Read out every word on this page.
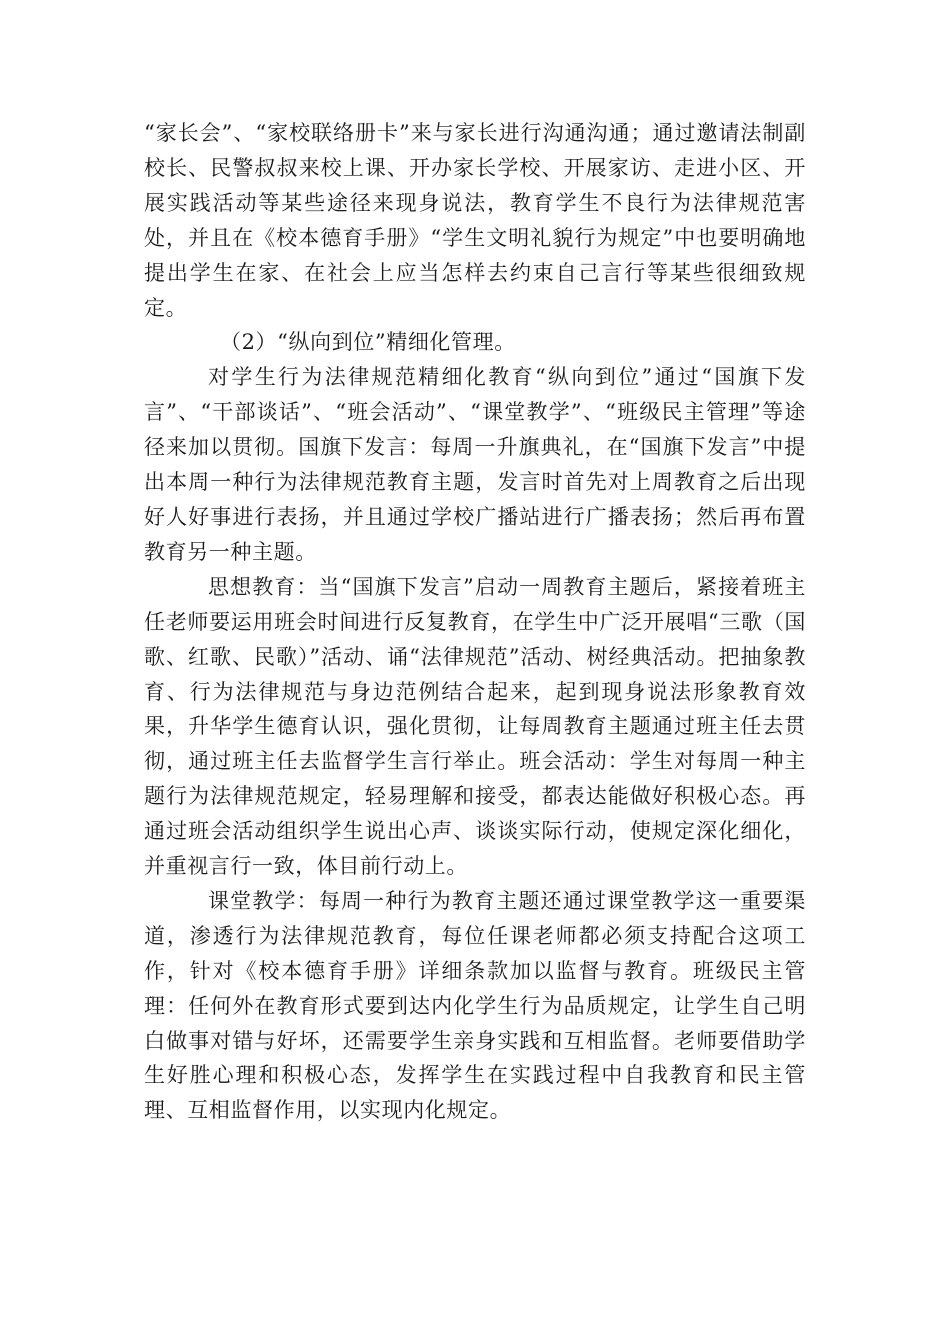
“家长会”、“家校联络册卡”来与家长进行沟通沟通；通过邀请法制副校长、民警叔叔来校上课、开办家长学校、开展家访、走进小区、开展实践活动等某些途径来现身说法，教育学生不良行为法律规范害处，并且在《校本德育手册》“学生文明礼貌行为规定”中也要明确地提出学生在家、在社会上应当怎样去约束自己言行等某些很细致规定。

（2）“纵向到位”精细化管理。

对学生行为法律规范精细化教育“纵向到位”通过“国旗下发言”、“干部谈话”、“班会活动”、“课堂教学”、“班级民主管理”等途径来加以贯彻。国旗下发言：每周一升旗典礼，在“国旗下发言”中提出本周一种行为法律规范教育主题，发言时首先对上周教育之后出现好人好事进行表扬，并且通过学校广播站进行广播表扬；然后再布置教育另一种主题。

思想教育：当“国旗下发言”启动一周教育主题后，紧接着班主任老师要运用班会时间进行反复教育，在学生中广泛开展唱“三歌（国歌、红歌、民歌）”活动、诵“法律规范”活动、树经典活动。把抽象教育、行为法律规范与身边范例结合起来，起到现身说法形象教育效果，升华学生德育认识，强化贯彻，让每周教育主题通过班主任去贯彻，通过班主任去监督学生言行举止。班会活动：学生对每周一种主题行为法律规范规定，轻易理解和接受，都表达能做好积极心态。再通过班会活动组织学生说出心声、谈谈实际行动，使规定深化细化，并重视言行一致，体目前行动上。

课堂教学：每周一种行为教育主题还通过课堂教学这一重要渠道，渗透行为法律规范教育，每位任课老师都必须支持配合这项工作，针对《校本德育手册》详细条款加以监督与教育。班级民主管理：任何外在教育形式要到达内化学生行为品质规定，让学生自己明白做事对错与好坏，还需要学生亲身实践和互相监督。老师要借助学生好胜心理和积极心态，发挥学生在实践过程中自我教育和民主管理、互相监督作用，以实现内化规定。
